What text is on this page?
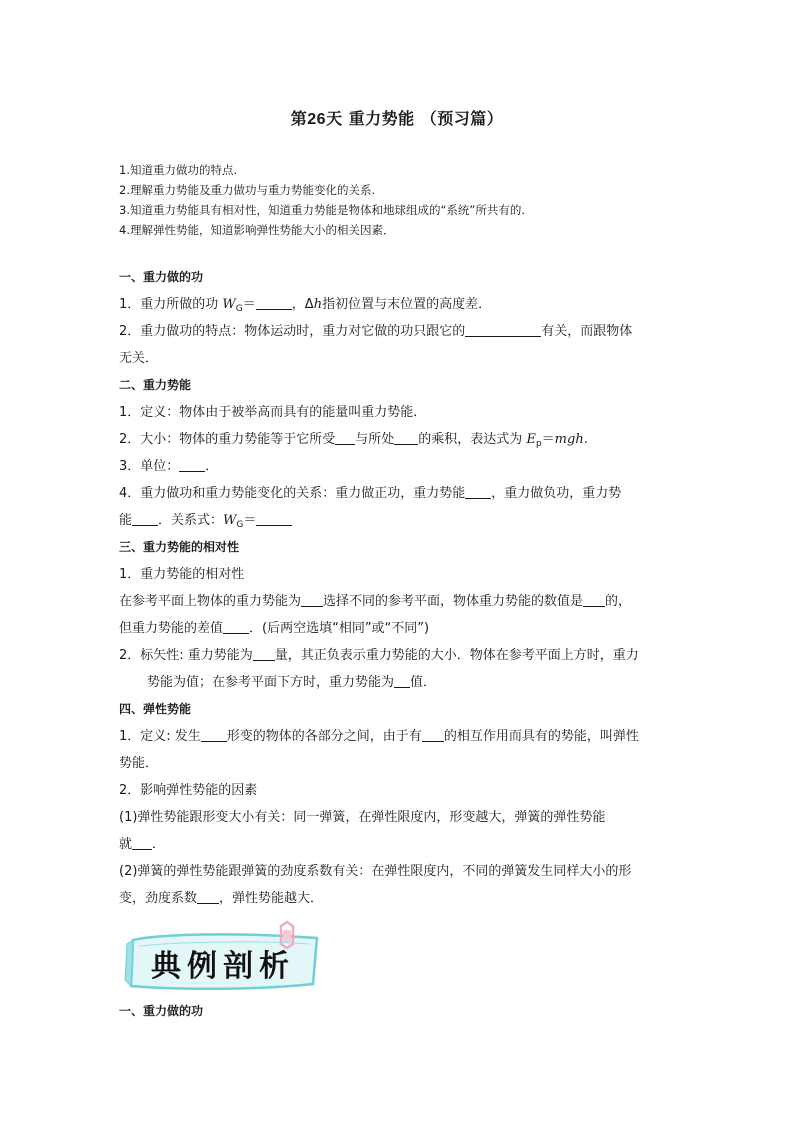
第26天 重力势能 （预习篇）
1.知道重力做功的特点.
2.理解重力势能及重力做功与重力势能变化的关系.
3.知道重力势能具有相对性，知道重力势能是物体和地球组成的“系统”所共有的.
4.理解弹性势能，知道影响弹性势能大小的相关因素．
一、重力做的功
1．重力所做的功 $W_G=$	，Δh指初位置与末位置的高度差．
2．重力做功的特点：物体运动时，重力对它做的功只跟它的	有关，而跟物体
无关．
二、重力势能
1．定义：物体由于被举高而具有的能量叫重力势能．
2．大小：物体的重力势能等于它所受 与所处 的乘积，表达式为 $E_p=mgh$.
3．单位： ．
4．重力做功和重力势能变化的关系：重力做正功，重力势能 ，重力做负功，重力势
能 ．关系式：$W_G=$
三、重力势能的相对性
1．重力势能的相对性
在参考平面上物体的重力势能为 选择不同的参考平面，物体重力势能的数值是 的，
但重力势能的差值 ．(后两空选填“相同”或“不同”)
2．标矢性: 重力势能为 量，其正负表示重力势能的大小．物体在参考平面上方时，重力
势能为值；在参考平面下方时，重力势能为 值．
四、弹性势能
1．定义: 发生 形变的物体的各部分之间，由于有 的相互作用而具有的势能，叫弹性
势能．
2．影响弹性势能的因素
(1)弹性势能跟形变大小有关：同一弹簧，在弹性限度内，形变越大，弹簧的弹性势能
就 ．
(2)弹簧的弹性势能跟弹簧的劲度系数有关：在弹性限度内，不同的弹簧发生同样大小的形
变，劲度系数 ，弹性势能越大．
典例剖析
一、重力做的功
